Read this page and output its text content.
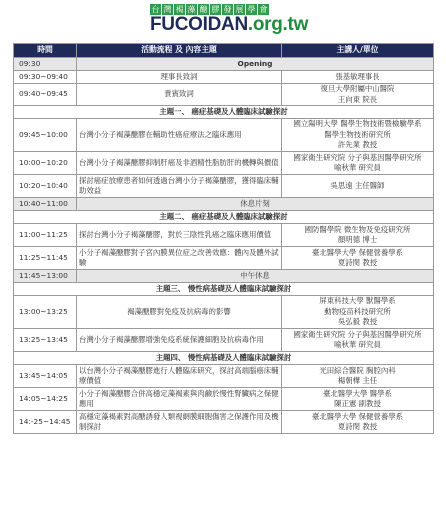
台 灣 褐 藻 醣 膠 發 展 學 會
FUCOIDAN.org.tw
時間	活動流程 及 內容主題	主講人/單位
09:30	Opening	
09:30~09:40	理事長致詞	張基敏理事長
09:40~09:45	貴賓致詞	復旦大學附屬中山醫院
王向東 院長
主題一、 癌症基礎及人體臨床試驗探討		
09:45~10:00	台灣小分子褐藻醣膠在輔助性癌症療法之臨床應用	國立陽明大學 醫學生物技術暨檢驗學系
醫學生物技術研究所
許先業 教授
10:00~10:20	台灣小分子褐藻醣膠抑制肝癌及非酒精性脂肪肝的機轉與價值	國家衛生研究院 分子與基因醫學研究所
喻秋華 研究員
10:20~10:40	探討癌症放療患者如何透過台灣小分子褐藻醣膠，獲得臨床輔助效益	吳思遠 主任醫師
10:40~11:00	休息片刻	
主題二、 癌症基礎及人體臨床試驗探討		
11:00~11:25	探討台灣小分子褐藻醣膠，對於三陰性乳癌之臨床應用價值	國防醫學院 微生物及免疫研究所
顏明德 博士
11:25~11:45	小分子褐藻醣膠對子宮內膜異位症之改善效應：體內及體外試驗	臺北醫學大學 保健營養學系
夏詩閔 教授
11:45~13:00	中午休息	
主題三、 慢性病基礎及人體臨床試驗探討		
13:00~13:25	褐藻醣膠對免疫及抗病毒的影響	屏東科技大學 獸醫學系
動物疫苗科技研究所
吳弘毅 教授
13:25~13:45	台灣小分子褐藻醣膠增強免疫系統保護細胞及抗病毒作用	國家衛生研究院 分子與基因醫學研究所
喻秋華 研究員
主題四、 慢性病基礎及人體臨床試驗探討		
13:45~14:05	以台灣小分子褐藻醣膠進行人體臨床研究，探討高端腦癌床輔療價值	光田綜合醫院 胸腔內科
楊朝樺 主任
14:05~14:25	小分子褐藻醣膠合併高穩定藻褐素與肉鹼於慢性腎臟病之保健應用	臺北醫學大學 醫學系
陳正憲 副教授
14:-25~14:45	高穩定藻褐素對高醣誘發人類視網膜細胞傷害之保護作用及機制探討	臺北醫學大學 保健營養學系
夏詩閔 教授
